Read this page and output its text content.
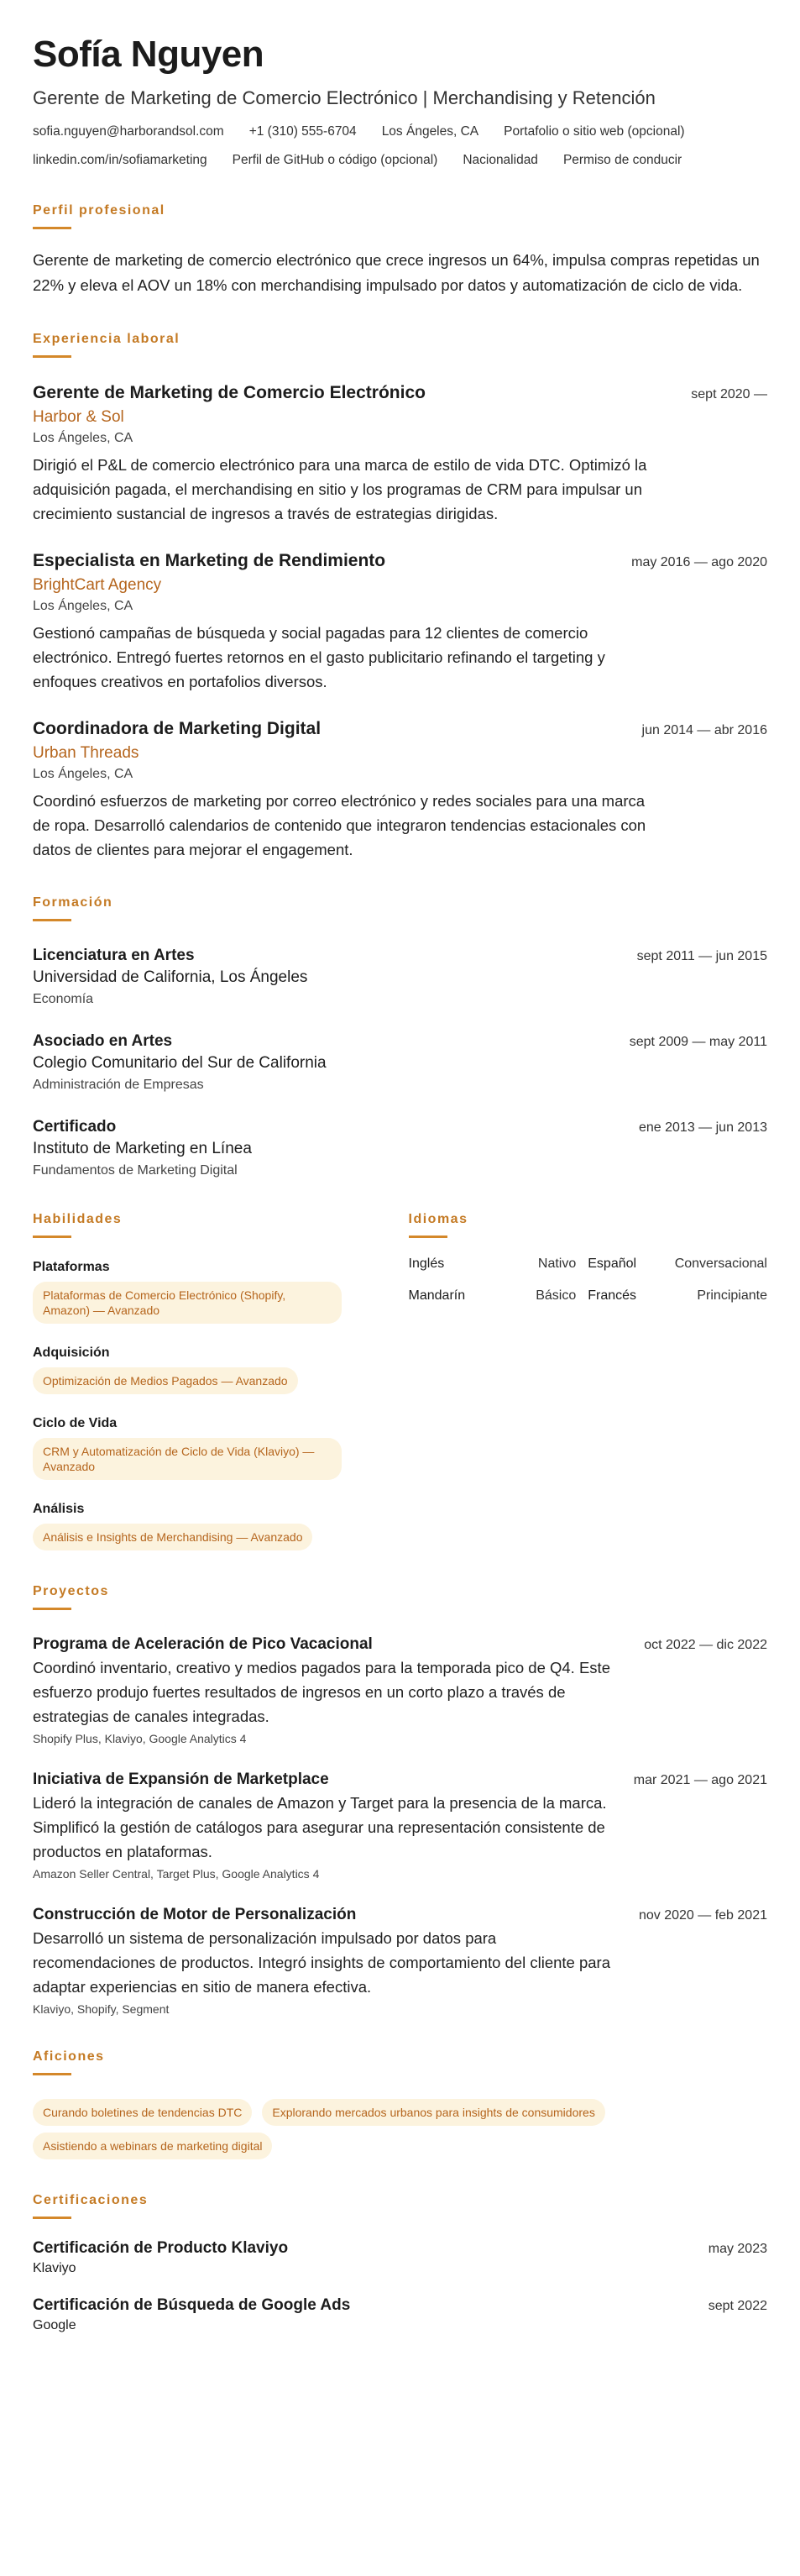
Sofía Nguyen
Gerente de Marketing de Comercio Electrónico | Merchandising y Retención
sofia.nguyen@harborandsol.com +1 (310) 555-6704 Los Ángeles, CA Portafolio o sitio web (opcional)
linkedin.com/in/sofiamarketing Perfil de GitHub o código (opcional) Nacionalidad Permiso de conducir
Perfil profesional
Gerente de marketing de comercio electrónico que crece ingresos un 64%, impulsa compras repetidas un 22% y eleva el AOV un 18% con merchandising impulsado por datos y automatización de ciclo de vida.
Experiencia laboral
Gerente de Marketing de Comercio Electrónico	sept 2020 —
Harbor & Sol
Los Ángeles, CA
Dirigió el P&L de comercio electrónico para una marca de estilo de vida DTC. Optimizó la adquisición pagada, el merchandising en sitio y los programas de CRM para impulsar un crecimiento sustancial de ingresos a través de estrategias dirigidas.
Especialista en Marketing de Rendimiento	may 2016 — ago 2020
BrightCart Agency
Los Ángeles, CA
Gestionó campañas de búsqueda y social pagadas para 12 clientes de comercio electrónico. Entregó fuertes retornos en el gasto publicitario refinando el targeting y enfoques creativos en portafolios diversos.
Coordinadora de Marketing Digital	jun 2014 — abr 2016
Urban Threads
Los Ángeles, CA
Coordinó esfuerzos de marketing por correo electrónico y redes sociales para una marca de ropa. Desarrolló calendarios de contenido que integraron tendencias estacionales con datos de clientes para mejorar el engagement.
Formación
Licenciatura en Artes	sept 2011 — jun 2015
Universidad de California, Los Ángeles
Economía
Asociado en Artes	sept 2009 — may 2011
Colegio Comunitario del Sur de California
Administración de Empresas
Certificado	ene 2013 — jun 2013
Instituto de Marketing en Línea
Fundamentos de Marketing Digital
Habilidades
Plataformas
Plataformas de Comercio Electrónico (Shopify, Amazon) — Avanzado
Adquisición
Optimización de Medios Pagados — Avanzado
Ciclo de Vida
CRM y Automatización de Ciclo de Vida (Klaviyo) — Avanzado
Análisis
Análisis e Insights de Merchandising — Avanzado
Idiomas
Inglés	Nativo Español	Conversacional
Mandarín	Básico Francés	Principiante
Proyectos
Programa de Aceleración de Pico Vacacional	oct 2022 — dic 2022
Coordinó inventario, creativo y medios pagados para la temporada pico de Q4. Este esfuerzo produjo fuertes resultados de ingresos en un corto plazo a través de estrategias de canales integradas.
Shopify Plus, Klaviyo, Google Analytics 4
Iniciativa de Expansión de Marketplace	mar 2021 — ago 2021
Lideró la integración de canales de Amazon y Target para la presencia de la marca. Simplificó la gestión de catálogos para asegurar una representación consistente de productos en plataformas.
Amazon Seller Central, Target Plus, Google Analytics 4
Construcción de Motor de Personalización	nov 2020 — feb 2021
Desarrolló un sistema de personalización impulsado por datos para recomendaciones de productos. Integró insights de comportamiento del cliente para adaptar experiencias en sitio de manera efectiva.
Klaviyo, Shopify, Segment
Aficiones
Curando boletines de tendencias DTC	Explorando mercados urbanos para insights de consumidores
Asistiendo a webinars de marketing digital
Certificaciones
Certificación de Producto Klaviyo	may 2023
Klaviyo
Certificación de Búsqueda de Google Ads	sept 2022
Google
